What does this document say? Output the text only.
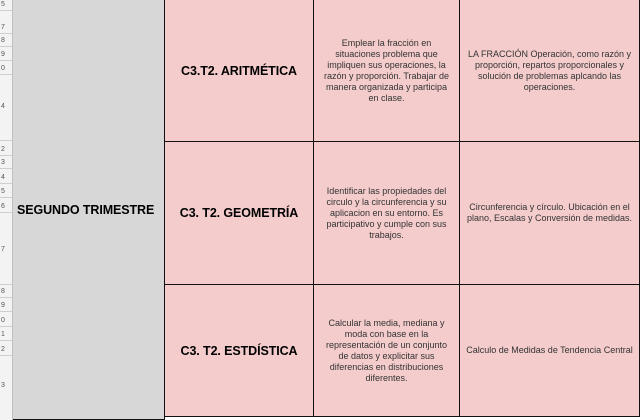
5
7
8
9
0
4
2
3
4
5
6
7
8
9
0
1
2
3
SEGUNDO TRIMESTRE
C3.T2. ARITMÉTICA
Emplear la fracción en situaciones problema que impliquen sus operaciones, la razón y proporción. Trabajar de manera organizada y participa en clase.
LA FRACCIÓN Operación, como razón y proporción, repartos proporcionales y solución de problemas aplcando las operaciones.
C3. T2. GEOMETRÍA
Identificar las propiedades del circulo y la circunferencia y su aplicacion en su entorno. Es participativo y cumple con sus trabajos.
Circunferencia y círculo. Ubicación en el plano, Escalas y Conversión de medidas.
C3. T2. ESTDÍSTICA
Calcular la media, mediana y moda con base en la representación de un conjunto de datos y explicitar sus diferencias en distribuciones diferentes.
Calculo de Medidas de Tendencia Central
